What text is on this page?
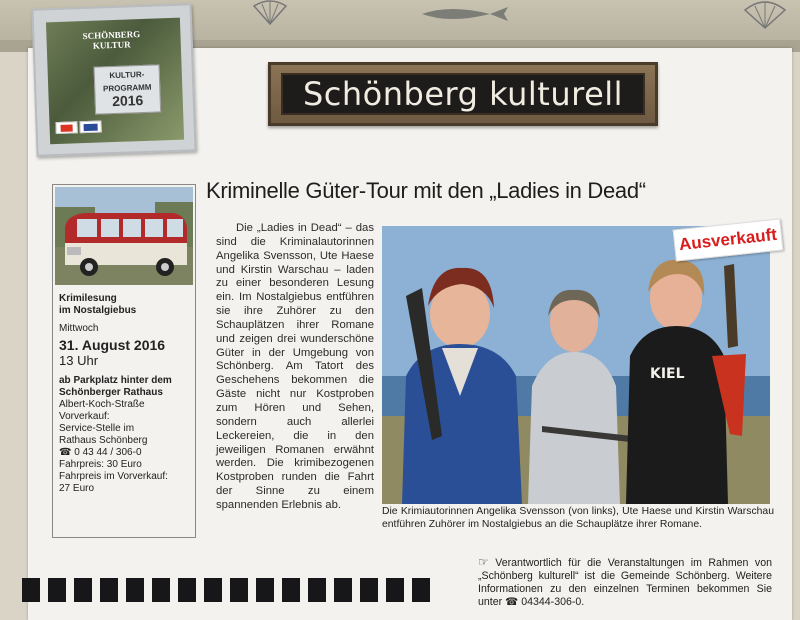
SCHÖNBERG KULTUR
KULTUR-
PROGRAMM
2016	Schönberg kulturell
Krimilesung
im Nostalgiebus
Mittwoch
31. August 2016
13 Uhr
ab Parkplatz hinter dem
Schönberger Rathaus
Albert-Koch-Straße
Vorverkauf:
Service-Stelle im
Rathaus Schönberg
☎ 0 43 44 / 306-0
Fahrpreis: 30 Euro
Fahrpreis im Vorverkauf:
27 Euro
Kriminelle Güter-Tour mit den „Ladies in Dead“
Die „Ladies in Dead“ – das sind die Kriminalautorinnen Angelika Svensson, Ute Haese und Kirstin Warschau – laden zu einer besonderen Lesung ein. Im Nostalgiebus entführen sie ihre Zuhörer zu den Schauplätzen ihrer Romane und zeigen drei wunderschöne Güter in der Umgebung von Schönberg. Am Tatort des Geschehens bekommen die Gäste nicht nur Kostproben zum Hören und Sehen, sondern auch allerlei Leckereien, die in den jeweiligen Romanen erwähnt werden. Die krimibezogenen Kostproben runden die Fahrt der Sinne zu einem spannenden Erlebnis ab.
KIEL
Ausverkauft
Die Krimiautorinnen Angelika Svensson (von links), Ute Haese und Kirstin Warschau entführen Zuhörer im Nostalgiebus an die Schauplätze ihrer Romane.
☞ Verantwortlich für die Veranstaltungen im Rahmen von „Schönberg kulturell“ ist die Gemeinde Schönberg. Weitere Informationen zu den einzelnen Terminen bekommen Sie unter ☎ 04344-306-0.
